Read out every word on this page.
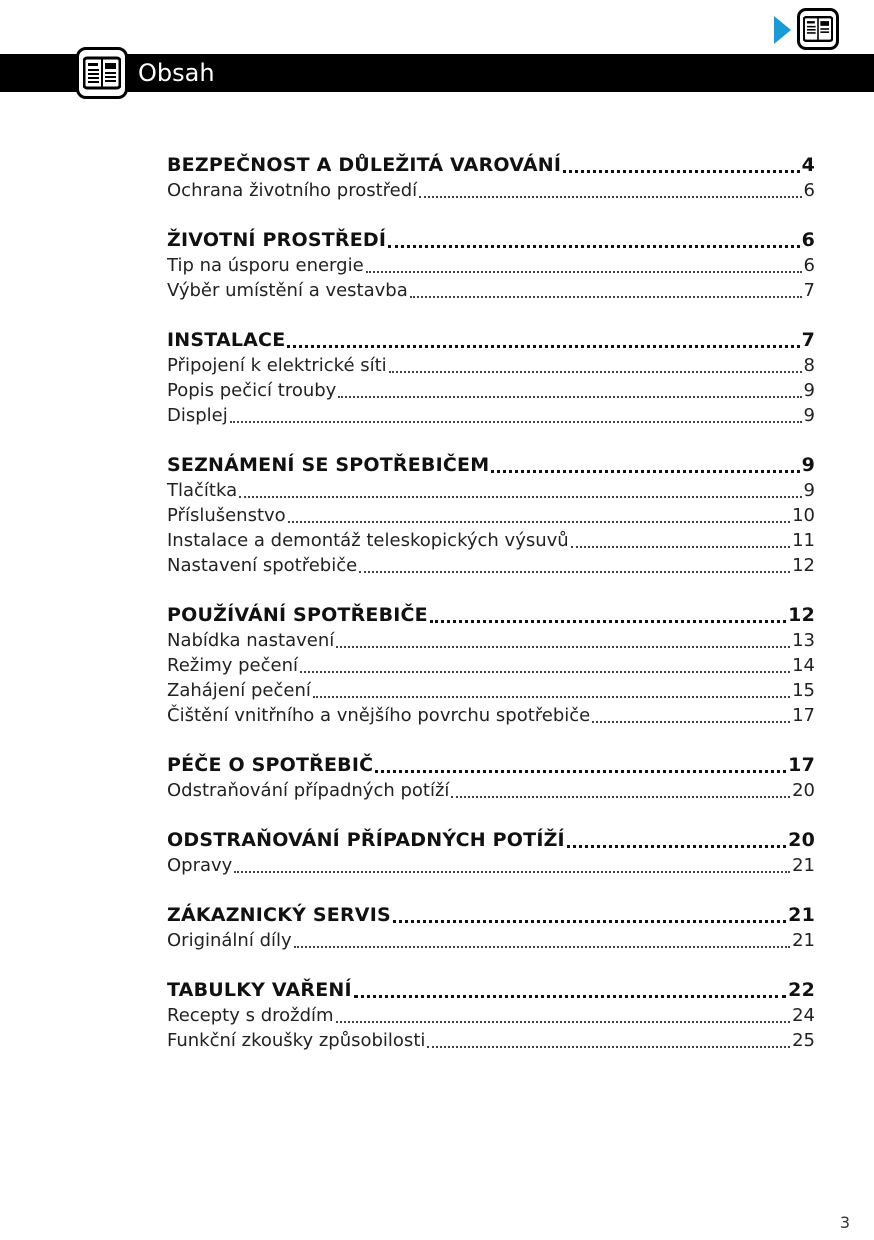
Obsah
BEZPEČNOST A DŮLEŽITÁ VAROVÁNÍ	4
Ochrana životního prostředí	6
ŽIVOTNÍ PROSTŘEDÍ	6
Tip na úsporu energie	6
Výběr umístění a vestavba	7
INSTALACE	7
Připojení k elektrické síti	8
Popis pečicí trouby	9
Displej	9
SEZNÁMENÍ SE SPOTŘEBIČEM	9
Tlačítka	9
Příslušenstvo	10
Instalace a demontáž teleskopických výsuvů	11
Nastavení spotřebiče	12
POUŽÍVÁNÍ SPOTŘEBIČE	12
Nabídka nastavení	13
Režimy pečení	14
Zahájení pečení	15
Čištění vnitřního a vnějšího povrchu spotřebiče	17
PÉČE O SPOTŘEBIČ	17
Odstraňování případných potíží	20
ODSTRAŇOVÁNÍ PŘÍPADNÝCH POTÍŽÍ	20
Opravy	21
ZÁKAZNICKÝ SERVIS	21
Originální díly	21
TABULKY VAŘENÍ	22
Recepty s droždím	24
Funkční zkoušky způsobilosti	25
3
